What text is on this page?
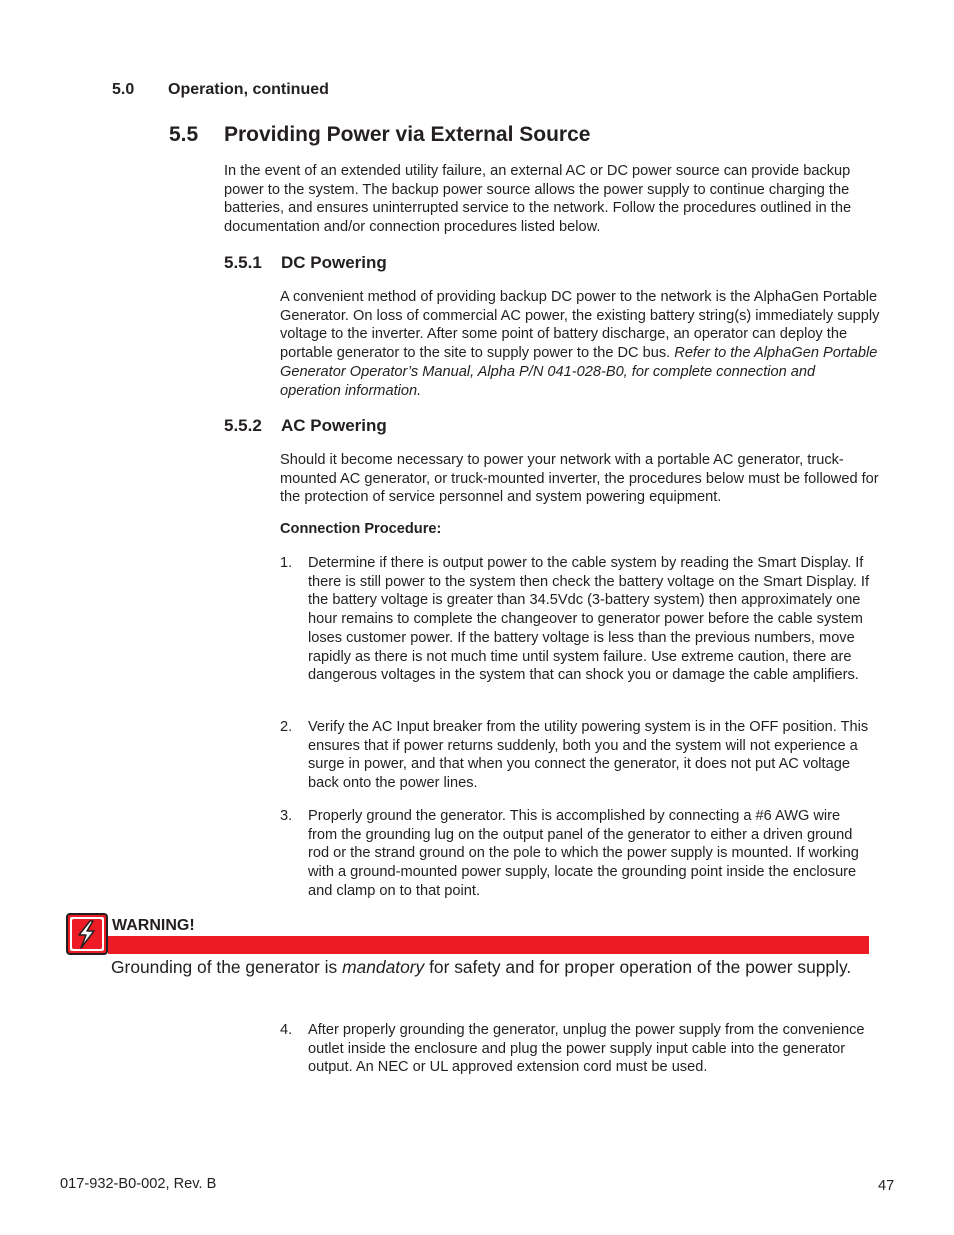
5.0 Operation, continued
5.5 Providing Power via External Source
In the event of an extended utility failure, an external AC or DC power source can provide backup power to the system. The backup power source allows the power supply to continue charging the batteries, and ensures uninterrupted service to the network. Follow the procedures outlined in the documentation and/or connection procedures listed below.
5.5.1 DC Powering
A convenient method of providing backup DC power to the network is the AlphaGen Portable Generator. On loss of commercial AC power, the existing battery string(s) immediately supply voltage to the inverter. After some point of battery discharge, an operator can deploy the portable generator to the site to supply power to the DC bus. Refer to the AlphaGen Portable Generator Operator’s Manual, Alpha P/N 041-028-B0, for complete connection and operation information.
5.5.2 AC Powering
Should it become necessary to power your network with a portable AC generator, truck-mounted AC generator, or truck-mounted inverter, the procedures below must be followed for the protection of service personnel and system powering equipment.
Connection Procedure:
1. Determine if there is output power to the cable system by reading the Smart Display. If there is still power to the system then check the battery voltage on the Smart Display. If the battery voltage is greater than 34.5Vdc (3-battery system) then approximately one hour remains to complete the changeover to generator power before the cable system loses customer power. If the battery voltage is less than the previous numbers, move rapidly as there is not much time until system failure. Use extreme caution, there are dangerous voltages in the system that can shock you or damage the cable amplifiers.
2. Verify the AC Input breaker from the utility powering system is in the OFF position. This ensures that if power returns suddenly, both you and the system will not experience a surge in power, and that when you connect the generator, it does not put AC voltage back onto the power lines.
3. Properly ground the generator. This is accomplished by connecting a #6 AWG wire from the grounding lug on the output panel of the generator to either a driven ground rod or the strand ground on the pole to which the power supply is mounted. If working with a ground-mounted power supply, locate the grounding point inside the enclosure and clamp on to that point.
WARNING!
Grounding of the generator is mandatory for safety and for proper operation of the power supply.
4. After properly grounding the generator, unplug the power supply from the convenience outlet inside the enclosure and plug the power supply input cable into the generator output. An NEC or UL approved extension cord must be used.
017-932-B0-002, Rev. B	47
